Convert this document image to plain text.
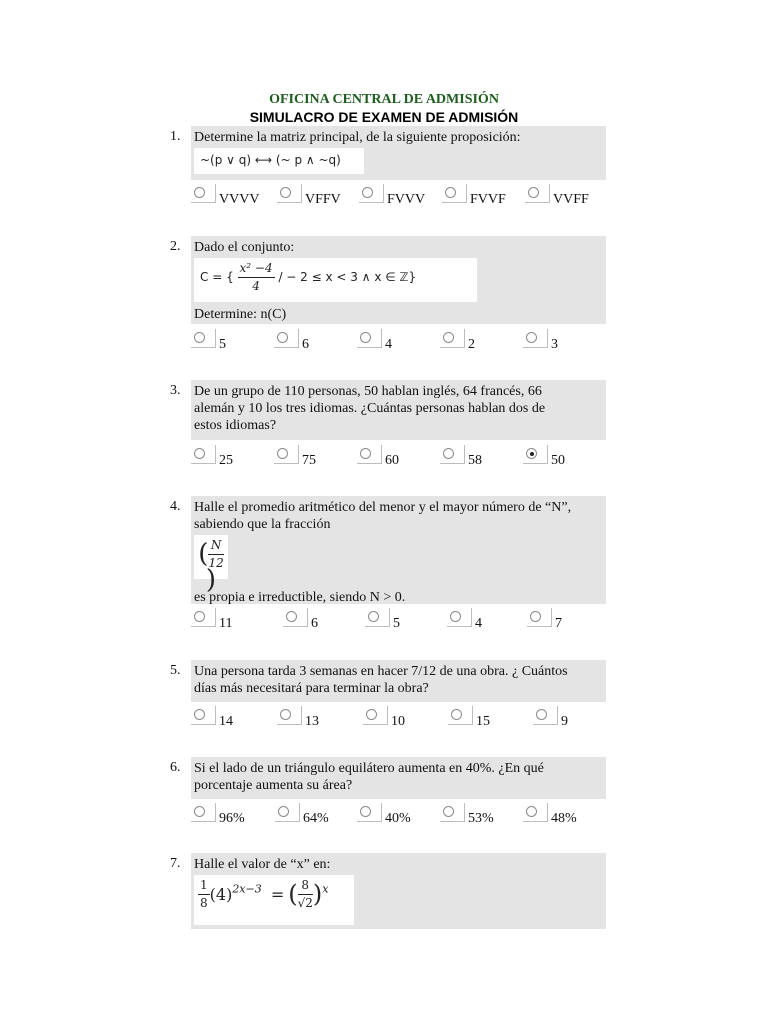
OFICINA CENTRAL DE ADMISIÓN
SIMULACRO DE EXAMEN DE ADMISIÓN
1. Determine la matriz principal, de la siguiente proposición:

~(p ∨ q) ⟷ (~ p ∧ ~q)
VVVV	VFFV	FVVV	FVVF	VVFF
2. Dado el conjunto:

C = { $\frac{\text{x² −4}}{4}$ / − 2 ≤ x < 3 ∧ x ∈ ℤ}

Determine: n(C)

5	6	4	2	3
3. De un grupo de 110 personas, 50 hablan inglés, 64 francés, 66

alemán y 10 los tres idiomas. ¿Cuántas personas hablan dos de

estos idiomas?

25	75	60	58	50
4. Halle el promedio aritmético del menor y el mayor número de “N”,

sabiendo que la fracción

( $\frac{N}{12}$
)

es propia e irreductible, siendo N > 0.

11	6	5	4	7
5. Una persona tarda 3 semanas en hacer 7/12 de una obra. ¿ Cuántos

días más necesitará para terminar la obra?

14	13	10	15	9
6. Si el lado de un triángulo equilátero aumenta en 40%. ¿En qué

porcentaje aumenta su área?

96%	64%	40%	53%	48%
7. Halle el valor de “x” en:

$\frac{1}{8} (4)^{2x-3}$ = ( $\frac{8}{√2} )^x$
